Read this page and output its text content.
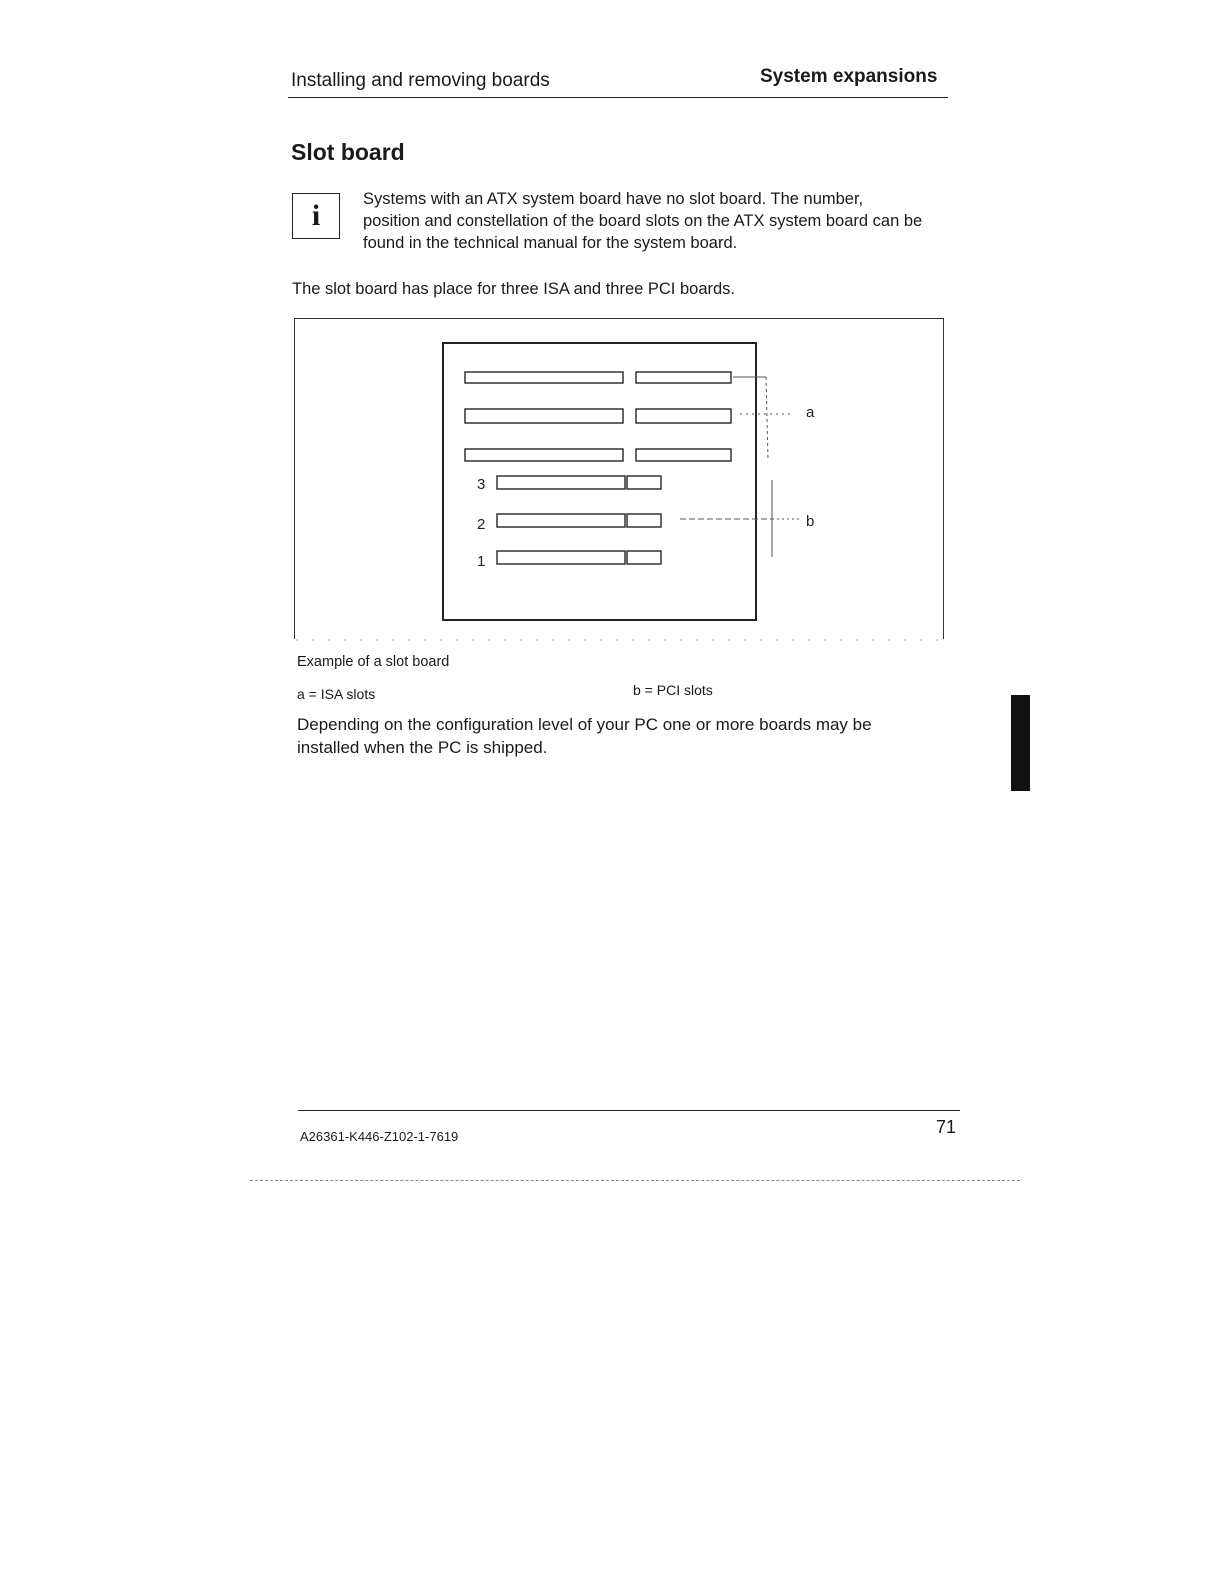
Installing and removing boards	System expansions
Slot board
i	Systems with an ATX system board have no slot board. The number, position and constellation of the board slots on the ATX system board can be found in the technical manual for the system board.
The slot board has place for three ISA and three PCI boards.
3
2
1
a
b
Example of a slot board
a = ISA slots	b = PCI slots
Depending on the configuration level of your PC one or more boards may be installed when the PC is shipped.
A26361-K446-Z102-1-7619	71
